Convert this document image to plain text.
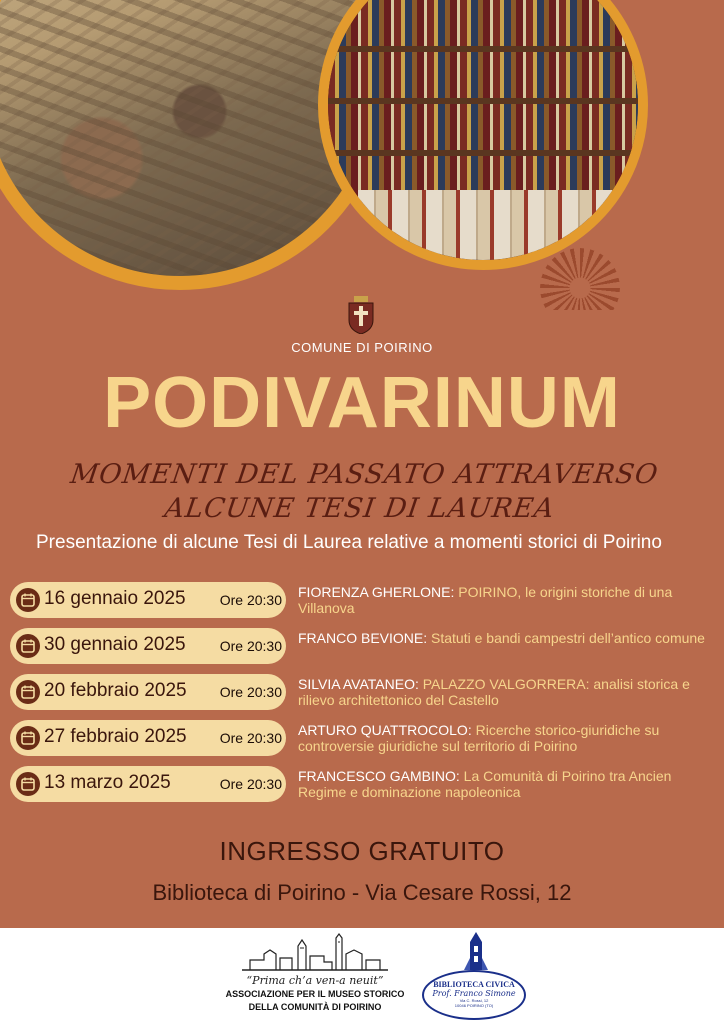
PODIVARI
COMUNE DI POIRINO
PODIVARINUM
MOMENTI DEL PASSATO ATTRAVERSO ALCUNE TESI DI LAUREA
Presentazione di alcune Tesi di Laurea relative a momenti storici di Poirino
16 gennaio 2025 Ore 20:30 FIORENZA GHERLONE: POIRINO, le origini storiche di una Villanova
30 gennaio 2025 Ore 20:30 FRANCO BEVIONE: Statuti e bandi campestri dell’antico comune
20 febbraio 2025 Ore 20:30 SILVIA AVATANEO: PALAZZO VALGORRERA: analisi storica e rilievo architettonico del Castello
27 febbraio 2025 Ore 20:30 ARTURO QUATTROCOLO: Ricerche storico-giuridiche su controversie giuridiche sul territorio di Poirino
13 marzo 2025	Ore 20:30 FRANCESCO GAMBINO: La Comunità di Poirino tra Ancien Regime e dominazione napoleonica
INGRESSO GRATUITO
Biblioteca di Poirino - Via Cesare Rossi, 12
“Prima ch’a ven-a neuit”
ASSOCIAZIONE PER IL MUSEO STORICO
DELLA COMUNITÀ DI POIRINO
BIBLIOTECA CIVICA
Prof. Franco Simone
Via C. Rossi, 12
10046 POIRINO (TO)
